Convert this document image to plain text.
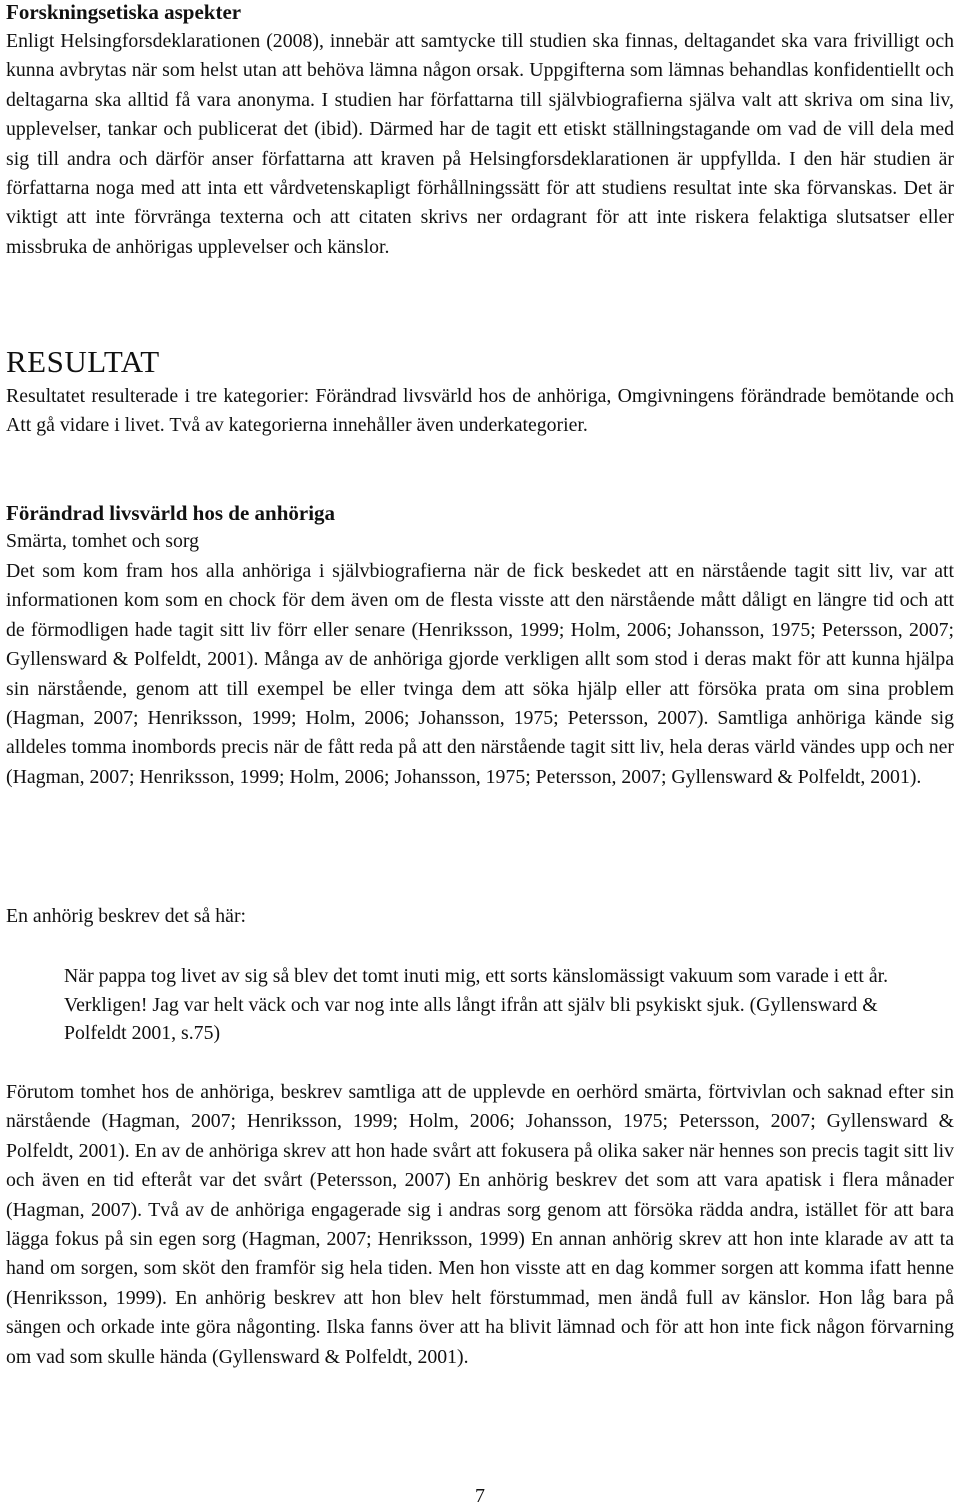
Forskningsetiska aspekter

Enligt Helsingforsdeklarationen (2008), innebär att samtycke till studien ska finnas, deltagandet ska vara frivilligt och kunna avbrytas när som helst utan att behöva lämna någon orsak. Uppgifterna som lämnas behandlas konfidentiellt och deltagarna ska alltid få vara anonyma. I studien har författarna till självbiografierna själva valt att skriva om sina liv, upplevelser, tankar och publicerat det (ibid). Därmed har de tagit ett etiskt ställningstagande om vad de vill dela med sig till andra och därför anser författarna att kraven på Helsingforsdeklarationen är uppfyllda. I den här studien är författarna noga med att inta ett vårdvetenskapligt förhållningssätt för att studiens resultat inte ska förvanskas. Det är viktigt att inte förvränga texterna och att citaten skrivs ner ordagrant för att inte riskera felaktiga slutsatser eller missbruka de anhörigas upplevelser och känslor.

RESULTAT

Resultatet resulterade i tre kategorier: Förändrad livsvärld hos de anhöriga, Omgivningens förändrade bemötande och Att gå vidare i livet. Två av kategorierna innehåller även underkategorier.

Förändrad livsvärld hos de anhöriga

Smärta, tomhet och sorg

Det som kom fram hos alla anhöriga i självbiografierna när de fick beskedet att en närstående tagit sitt liv, var att informationen kom som en chock för dem även om de flesta visste att den närstående mått dåligt en längre tid och att de förmodligen hade tagit sitt liv förr eller senare (Henriksson, 1999; Holm, 2006; Johansson, 1975; Petersson, 2007; Gyllensward & Polfeldt, 2001). Många av de anhöriga gjorde verkligen allt som stod i deras makt för att kunna hjälpa sin närstående, genom att till exempel be eller tvinga dem att söka hjälp eller att försöka prata om sina problem (Hagman, 2007; Henriksson, 1999; Holm, 2006; Johansson, 1975; Petersson, 2007). Samtliga anhöriga kände sig alldeles tomma inombords precis när de fått reda på att den närstående tagit sitt liv, hela deras värld vändes upp och ner (Hagman, 2007; Henriksson, 1999; Holm, 2006; Johansson, 1975; Petersson, 2007; Gyllensward & Polfeldt, 2001).

En anhörig beskrev det så här:

När pappa tog livet av sig så blev det tomt inuti mig, ett sorts känslomässigt vakuum som varade i ett år. Verkligen! Jag var helt väck och var nog inte alls långt ifrån att själv bli psykiskt sjuk. (Gyllensward & Polfeldt 2001, s.75)

Förutom tomhet hos de anhöriga, beskrev samtliga att de upplevde en oerhörd smärta, förtvivlan och saknad efter sin närstående (Hagman, 2007; Henriksson, 1999; Holm, 2006; Johansson, 1975; Petersson, 2007; Gyllensward & Polfeldt, 2001). En av de anhöriga skrev att hon hade svårt att fokusera på olika saker när hennes son precis tagit sitt liv och även en tid efteråt var det svårt (Petersson, 2007) En anhörig beskrev det som att vara apatisk i flera månader (Hagman, 2007). Två av de anhöriga engagerade sig i andras sorg genom att försöka rädda andra, istället för att bara lägga fokus på sin egen sorg (Hagman, 2007; Henriksson, 1999) En annan anhörig skrev att hon inte klarade av att ta hand om sorgen, som sköt den framför sig hela tiden. Men hon visste att en dag kommer sorgen att komma ifatt henne (Henriksson, 1999). En anhörig beskrev att hon blev helt förstummad, men ändå full av känslor. Hon låg bara på sängen och orkade inte göra någonting. Ilska fanns över att ha blivit lämnad och för att hon inte fick någon förvarning om vad som skulle hända (Gyllensward & Polfeldt, 2001).

7
